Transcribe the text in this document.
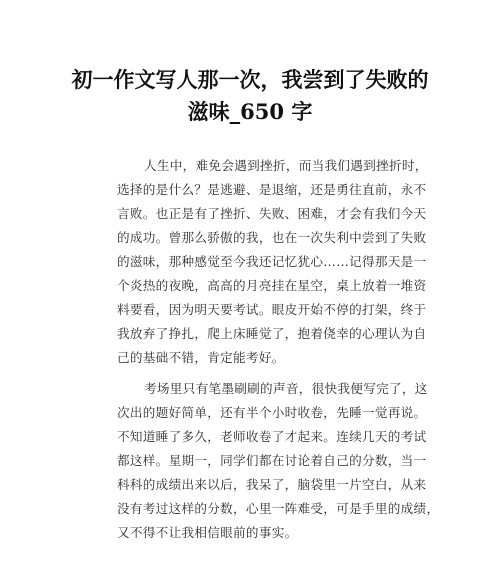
初一作文写人那一次，我尝到了失败的
滋味_650 字
人生中，难免会遇到挫折，而当我们遇到挫折时，
选择的是什么？是逃避、是退缩，还是勇往直前，永不
言败。也正是有了挫折、失败、困难，才会有我们今天
的成功。曾那么骄傲的我，也在一次失利中尝到了失败
的滋味，那种感觉至今我还记忆犹心……记得那天是一
个炎热的夜晚，高高的月亮挂在星空，桌上放着一堆资
料要看，因为明天要考试。眼皮开始不停的打架，终于
我放弃了挣扎，爬上床睡觉了，抱着侥幸的心理认为自
己的基础不错，肯定能考好。
考场里只有笔墨刷刷的声音，很快我便写完了，这
次出的题好简单，还有半个小时收卷，先睡一觉再说。
不知道睡了多久，老师收卷了才起来。连续几天的考试
都这样。星期一，同学们都在讨论着自己的分数，当一
科科的成绩出来以后，我呆了，脑袋里一片空白，从来
没有考过这样的分数，心里一阵难受，可是手里的成绩，
又不得不让我相信眼前的事实。
